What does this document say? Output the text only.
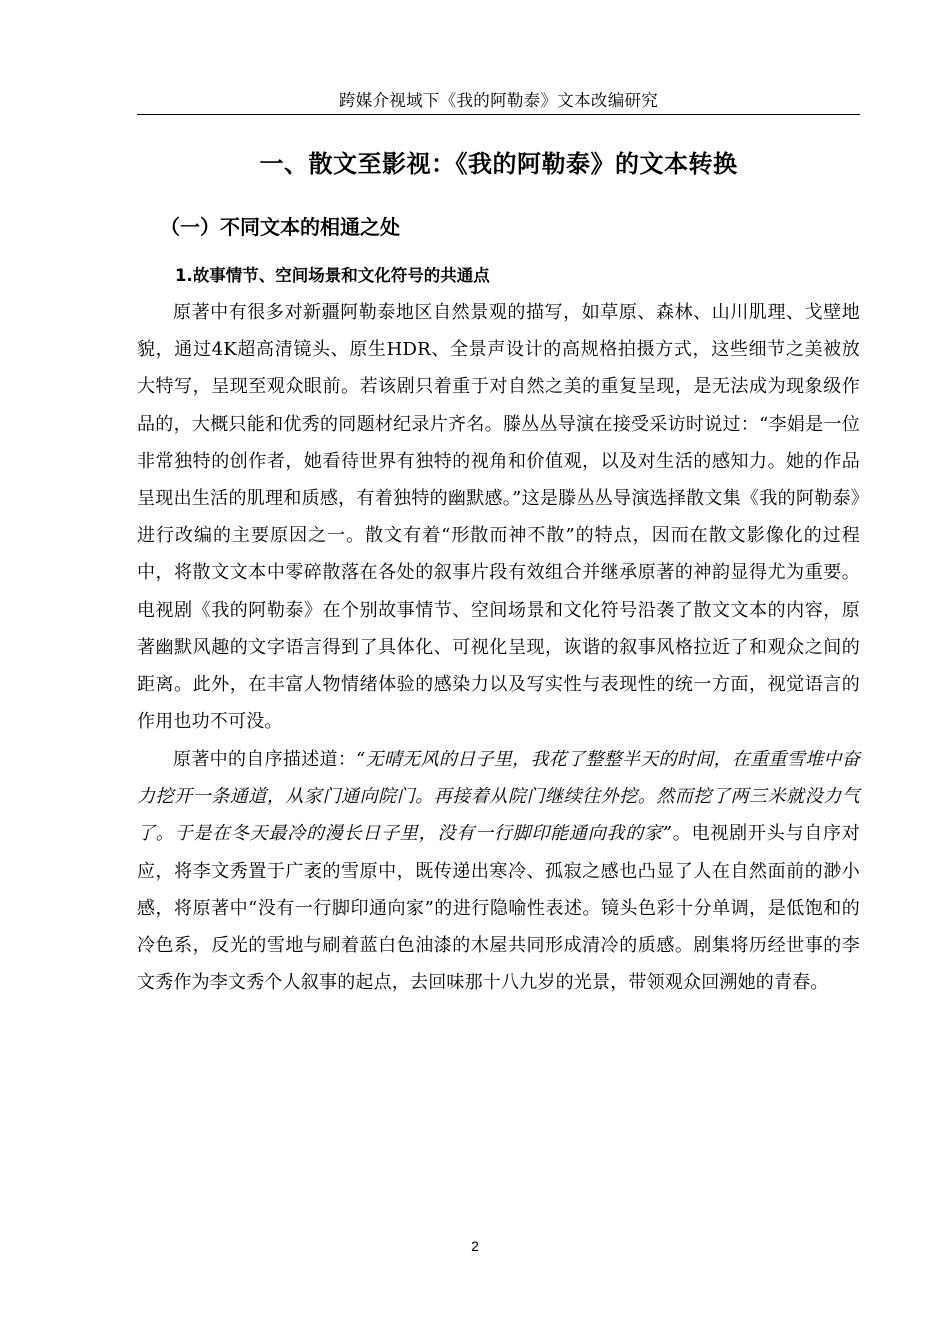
跨媒介视域下《我的阿勒泰》文本改编研究
一、散文至影视：《我的阿勒泰》的文本转换
（一）不同文本的相通之处
1.故事情节、空间场景和文化符号的共通点

原著中有很多对新疆阿勒泰地区自然景观的描写，如草原、森林、山川肌理、戈壁地貌，通过4K超高清镜头、原生HDR、全景声设计的高规格拍摄方式，这些细节之美被放大特写，呈现至观众眼前。若该剧只着重于对自然之美的重复呈现，是无法成为现象级作品的，大概只能和优秀的同题材纪录片齐名。滕丛丛导演在接受采访时说过：“李娟是一位非常独特的创作者，她看待世界有独特的视角和价值观，以及对生活的感知力。她的作品呈现出生活的肌理和质感，有着独特的幽默感。”这是滕丛丛导演选择散文集《我的阿勒泰》进行改编的主要原因之一。散文有着“形散而神不散”的特点，因而在散文影像化的过程中，将散文文本中零碎散落在各处的叙事片段有效组合并继承原著的神韵显得尤为重要。电视剧《我的阿勒泰》在个别故事情节、空间场景和文化符号沿袭了散文文本的内容，原著幽默风趣的文字语言得到了具体化、可视化呈现，诙谐的叙事风格拉近了和观众之间的距离。此外，在丰富人物情绪体验的感染力以及写实性与表现性的统一方面，视觉语言的作用也功不可没。

原著中的自序描述道：“无晴无风的日子里，我花了整整半天的时间，在重重雪堆中奋力挖开一条通道，从家门通向院门。再接着从院门继续往外挖。然而挖了两三米就没力气了。于是在冬天最冷的漫长日子里，没有一行脚印能通向我的家”。电视剧开头与自序对应，将李文秀置于广袤的雪原中，既传递出寒冷、孤寂之感也凸显了人在自然面前的渺小感，将原著中“没有一行脚印通向家”的进行隐喻性表述。镜头色彩十分单调，是低饱和的冷色系，反光的雪地与刷着蓝白色油漆的木屋共同形成清冷的质感。剧集将历经世事的李文秀作为李文秀个人叙事的起点，去回味那十八九岁的光景，带领观众回溯她的青春。

2
